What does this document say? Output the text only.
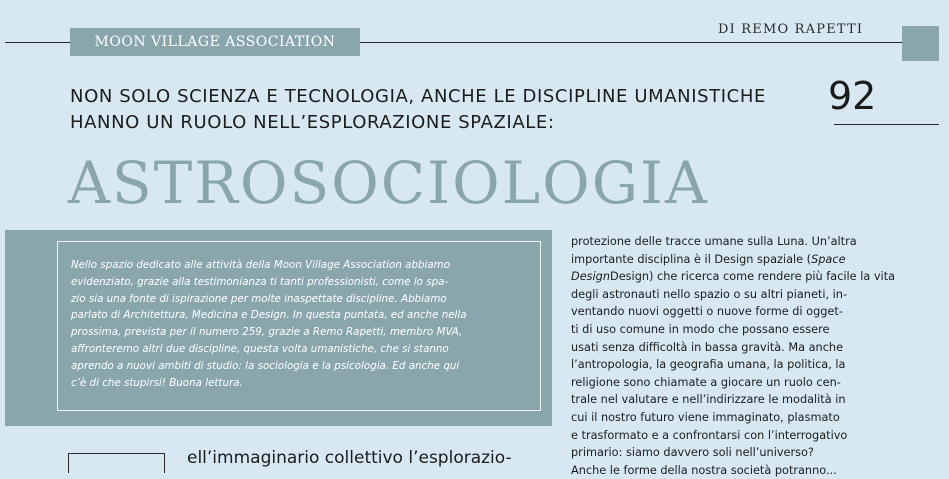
MOON VILLAGE ASSOCIATION
DI REMO RAPETTI
NON SOLO SCIENZA E TECNOLOGIA, ANCHE LE DISCIPLINE UMANISTICHE
HANNO UN RUOLO NELL’ESPLORAZIONE SPAZIALE:
92
ASTROSOCIOLOGIA

Nello spazio dedicato alle attività della Moon Village Association abbiamo
evidenziato, grazie alla testimonianza ti tanti professionisti, come lo spa-
zio sia una fonte di ispirazione per molte inaspettate discipline. Abbiamo
parlato di Architettura, Medicina e Design. In questa puntata, ed anche nella
prossima, prevista per il numero 259, grazie a Remo Rapetti, membro MVA,
affronteremo altri due discipline, questa volta umanistiche, che si stanno
aprendo a nuovi ambiti di studio: la sociologia e la psicologia. Ed anche qui
c’è di che stupirsi! Buona lettura.

protezione delle tracce umane sulla Luna. Un’altra
importante disciplina è il Design spaziale (Space
DesignDesign) che ricerca come rendere più facile la vita
degli astronauti nello spazio o su altri pianeti, in-
ventando nuovi oggetti o nuove forme di ogget-
ti di uso comune in modo che possano essere
usati senza difficoltà in bassa gravità. Ma anche
l’antropologia, la geografia umana, la politica, la
religione sono chiamate a giocare un ruolo cen-
trale nel valutare e nell’indirizzare le modalità in
cui il nostro futuro viene immaginato, plasmato
e trasformato e a confrontarsi con l’interrogativo
primario: siamo davvero soli nell’universo?
Anche le forme della nostra società potranno...

ell’immaginario collettivo l’esplorazio-
